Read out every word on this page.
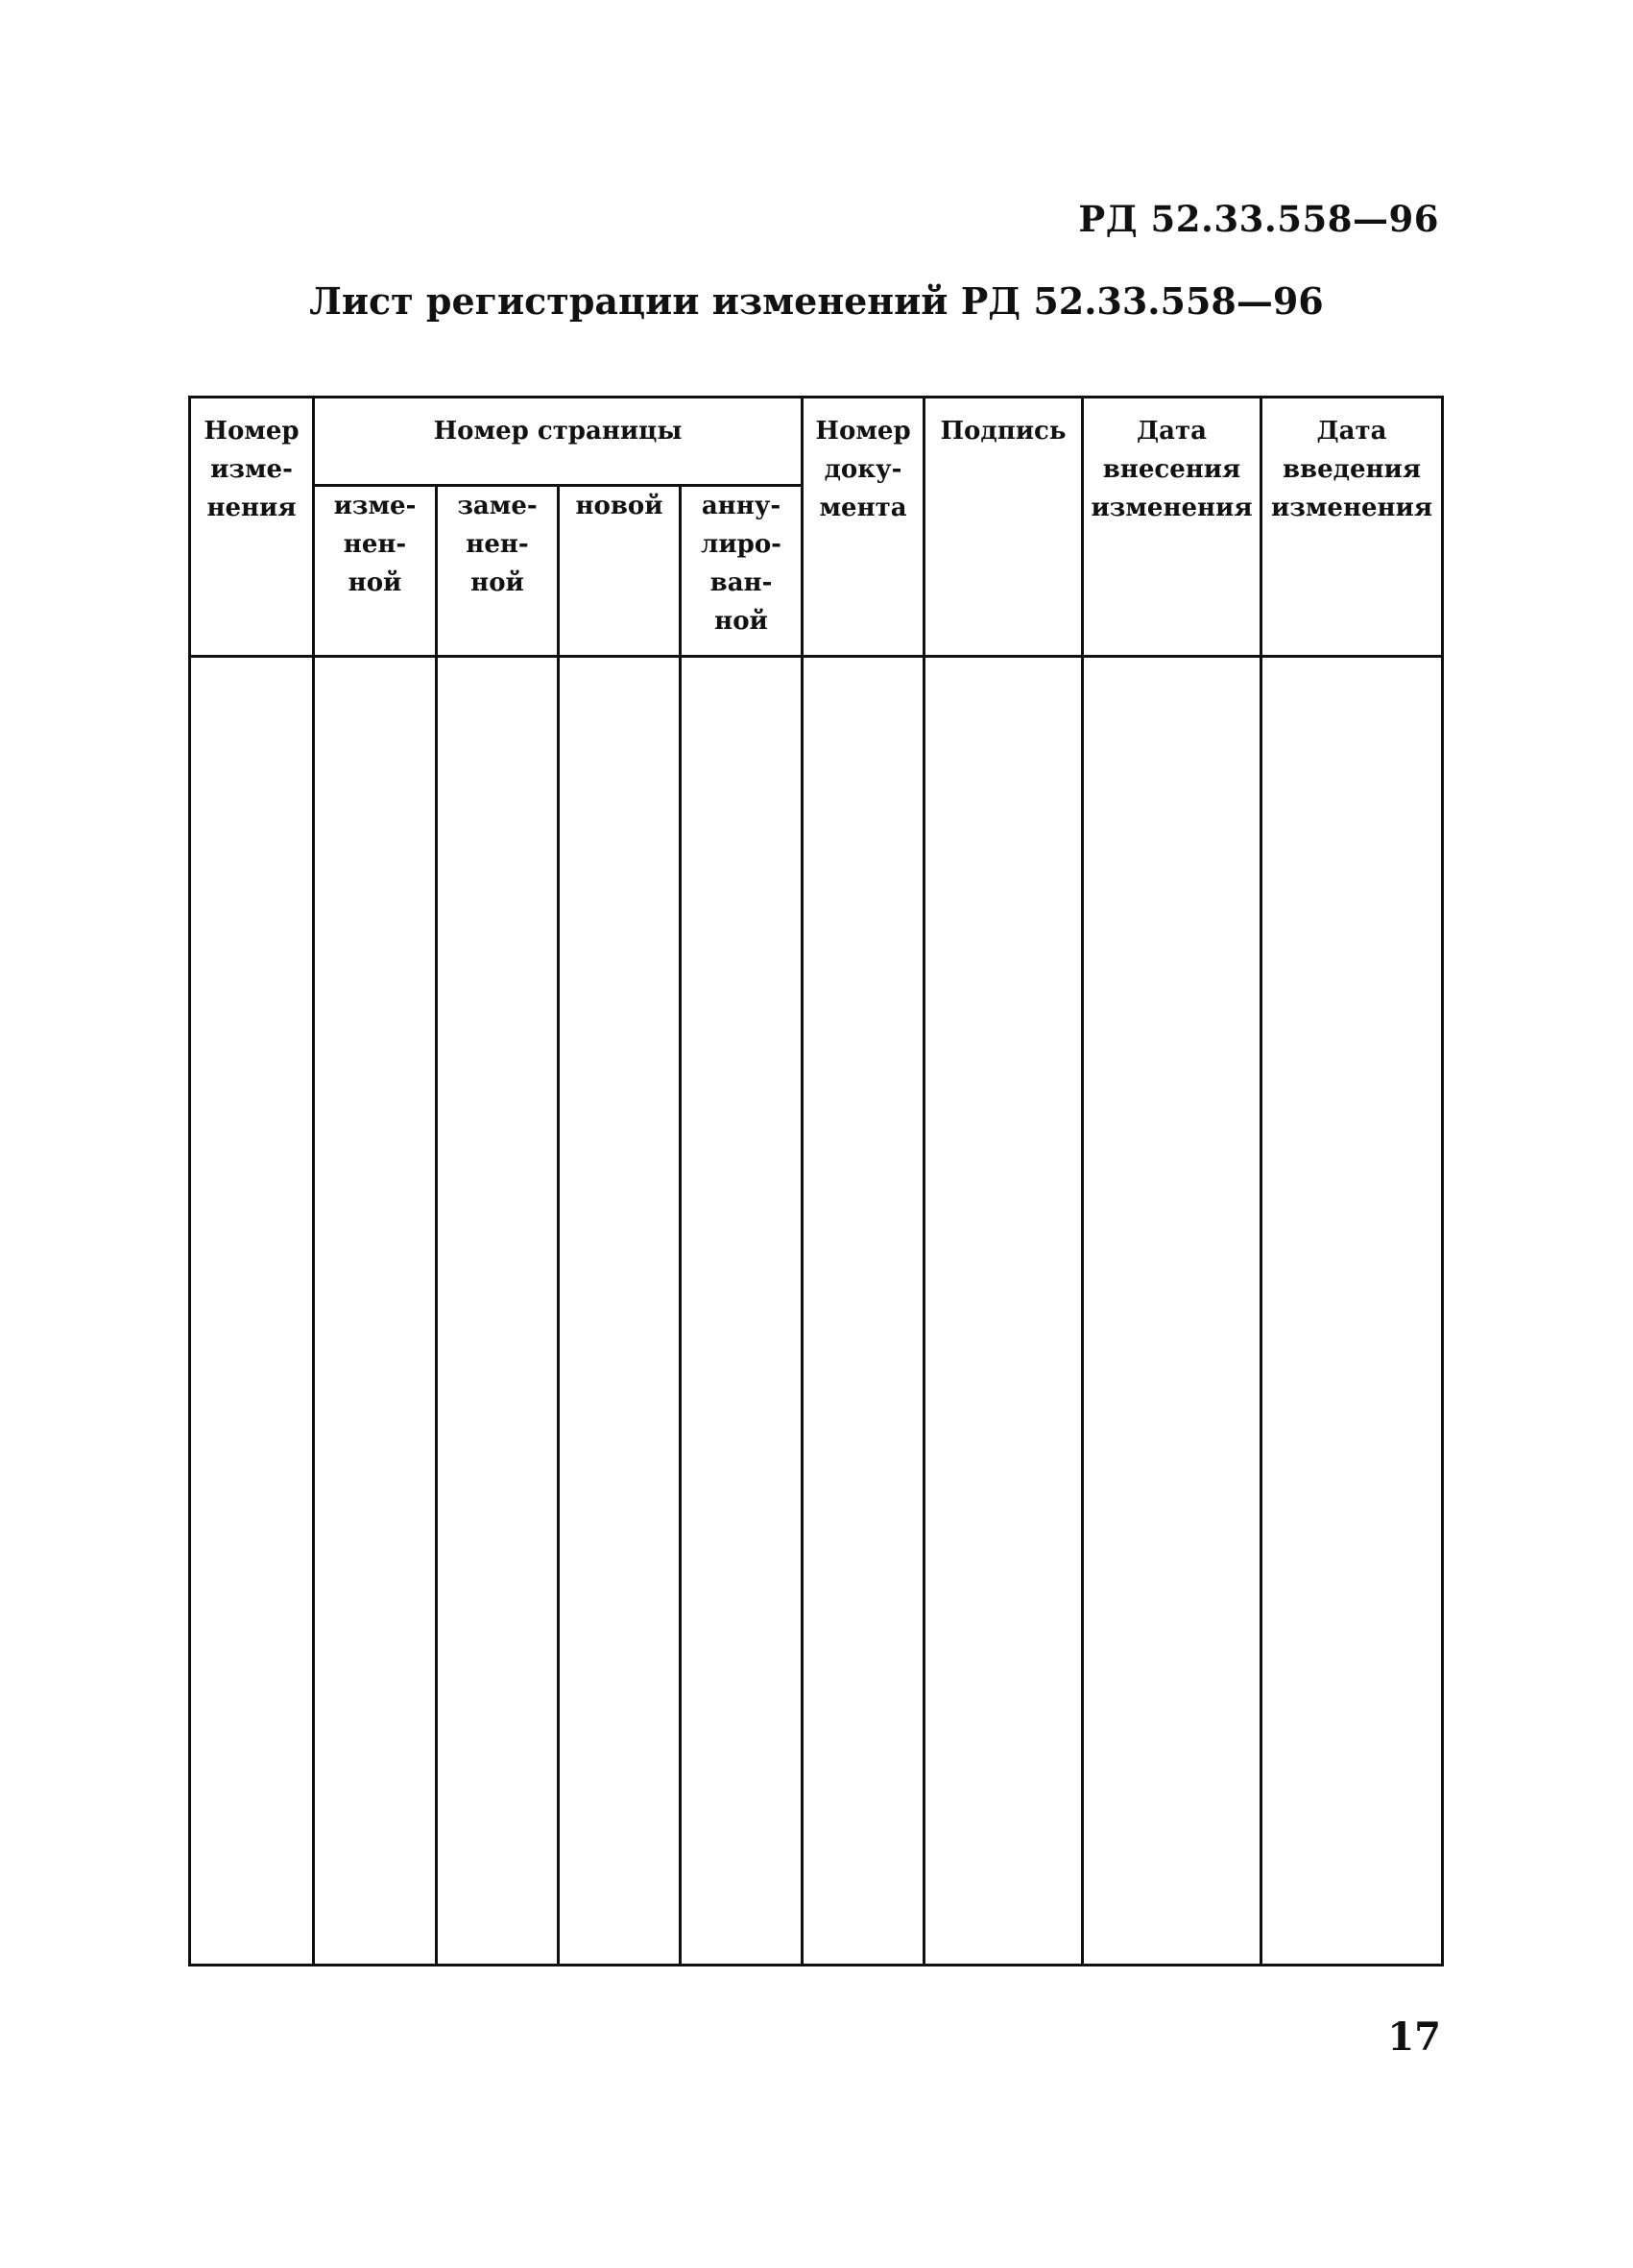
РД 52.33.558—96
Лист регистрации изменений РД 52.33.558—96
Номер
изме-
нения	Номер страницы				Номер
доку-
мента	Подпись	Дата
внесения
изменения	Дата
введения
изменения

	изме-
нен-
ной	заме-
нен-
ной	новой	анну-
лиро-
ван-
ной				

17
